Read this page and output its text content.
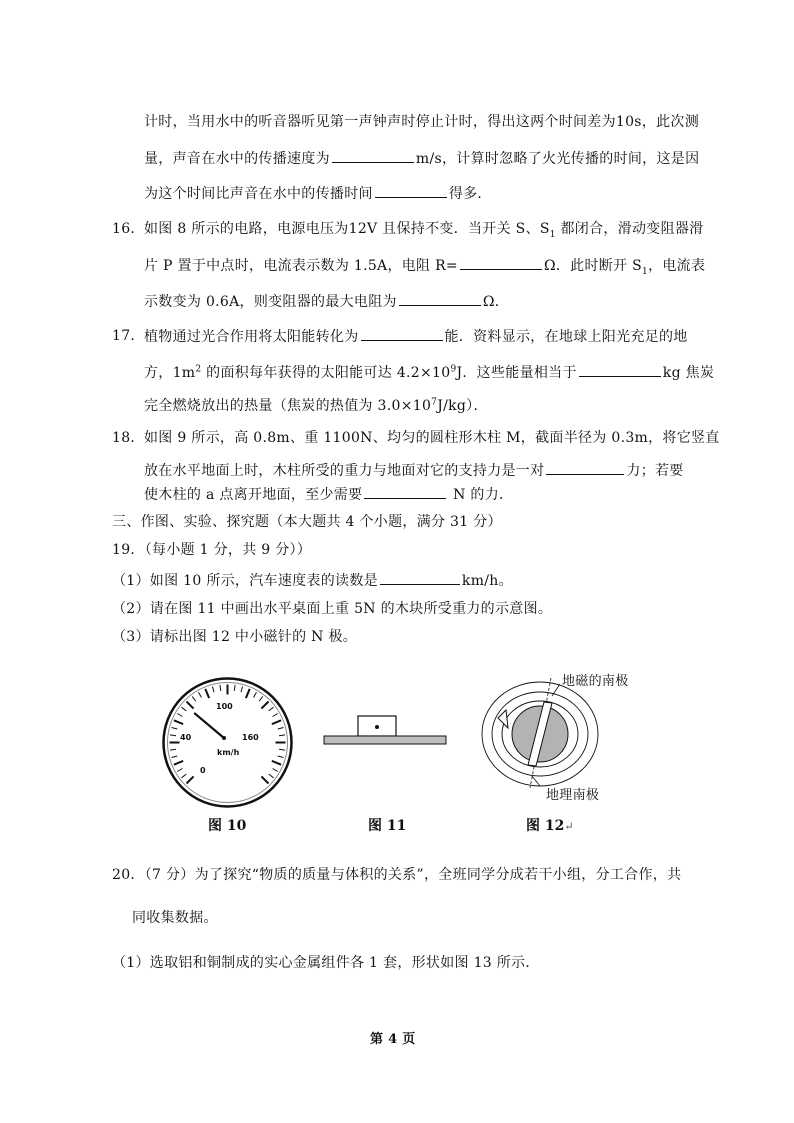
计时，当用水中的听音器听见第一声钟声时停止计时，得出这两个时间差为10s，此次测
量，声音在水中的传播速度为	m/s，计算时忽略了火光传播的时间，这是因
为这个时间比声音在水中的传播时间	得多．
16． 如图 8 所示的电路，电源电压为12V 且保持不变．当开关 S、$S_1$ 都闭合，滑动变阻器滑
片 P 置于中点时，电流表示数为 1.5A，电阻 R=	Ω．此时断开 $S_1$，电流表
示数变为 0.6A，则变阻器的最大电阻为	Ω．
17． 植物通过光合作用将太阳能转化为	能．资料显示，在地球上阳光充足的地
方，$1m^2$ 的面积每年获得的太阳能可达 $4.2\times 10^9J$．这些能量相当于	kg 焦炭
完全燃烧放出的热量（焦炭的热值为 $3.0\times 10^7J/kg$）．
18． 如图 9 所示，高 0.8m、重 1100N、均匀的圆柱形木柱 M，截面半径为 0.3m，将它竖直
放在水平地面上时，木柱所受的重力与地面对它的支持力是一对	力；若要
使木柱的 a 点离开地面，至少需要	N 的力．
三、作图、实验、探究题（本大题共 4 个小题，满分 31 分）
19．（每小题 1 分，共 9 分））
（1）如图 10 所示，汽车速度表的读数是	km/h。
（2）请在图 11 中画出水平桌面上重 5N 的木块所受重力的示意图。
（3）请标出图 12 中小磁针的 N 极。
100
40	160
km/h
0
图 10	图 11
地磁的南极
地理南极
图 12↵
20．（7 分）为了探究“物质的质量与体积的关系”，全班同学分成若干小组，分工合作，共
同收集数据。
（1）选取铝和铜制成的实心金属组件各 1 套，形状如图 13 所示．
第 4 页
